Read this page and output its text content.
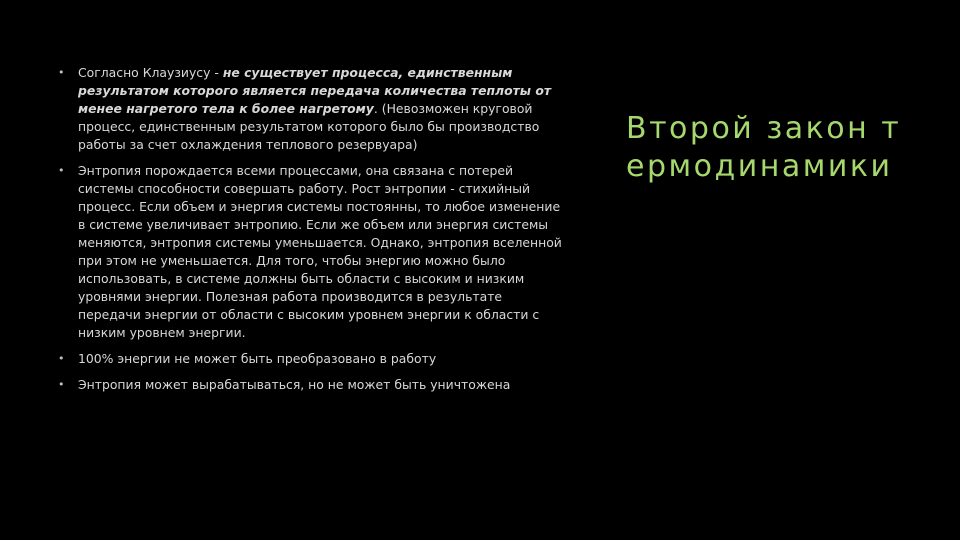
• Согласно Клаузиусу - не существует процесса, единственным результатом которого является передача количества теплоты от менее нагретого тела к более нагретому. (Невозможен круговой процесс, единственным результатом которого было бы производство работы за счет охлаждения теплового резервуара)
• Энтропия порождается всеми процессами, она связана с потерей системы способности совершать работу. Рост энтропии - стихийный процесс. Если объем и энергия системы постоянны, то любое изменение в системе увеличивает энтропию. Если же объем или энергия системы меняются, энтропия системы уменьшается. Однако, энтропия вселенной при этом не уменьшается. Для того, чтобы энергию можно было использовать, в системе должны быть области с высоким и низким уровнями энергии. Полезная работа производится в результате передачи энергии от области с высоким уровнем энергии к области с низким уровнем энергии.
• 100% энергии не может быть преобразовано в работу
• Энтропия может вырабатываться, но не может быть уничтожена
Второй закон термодинамики
